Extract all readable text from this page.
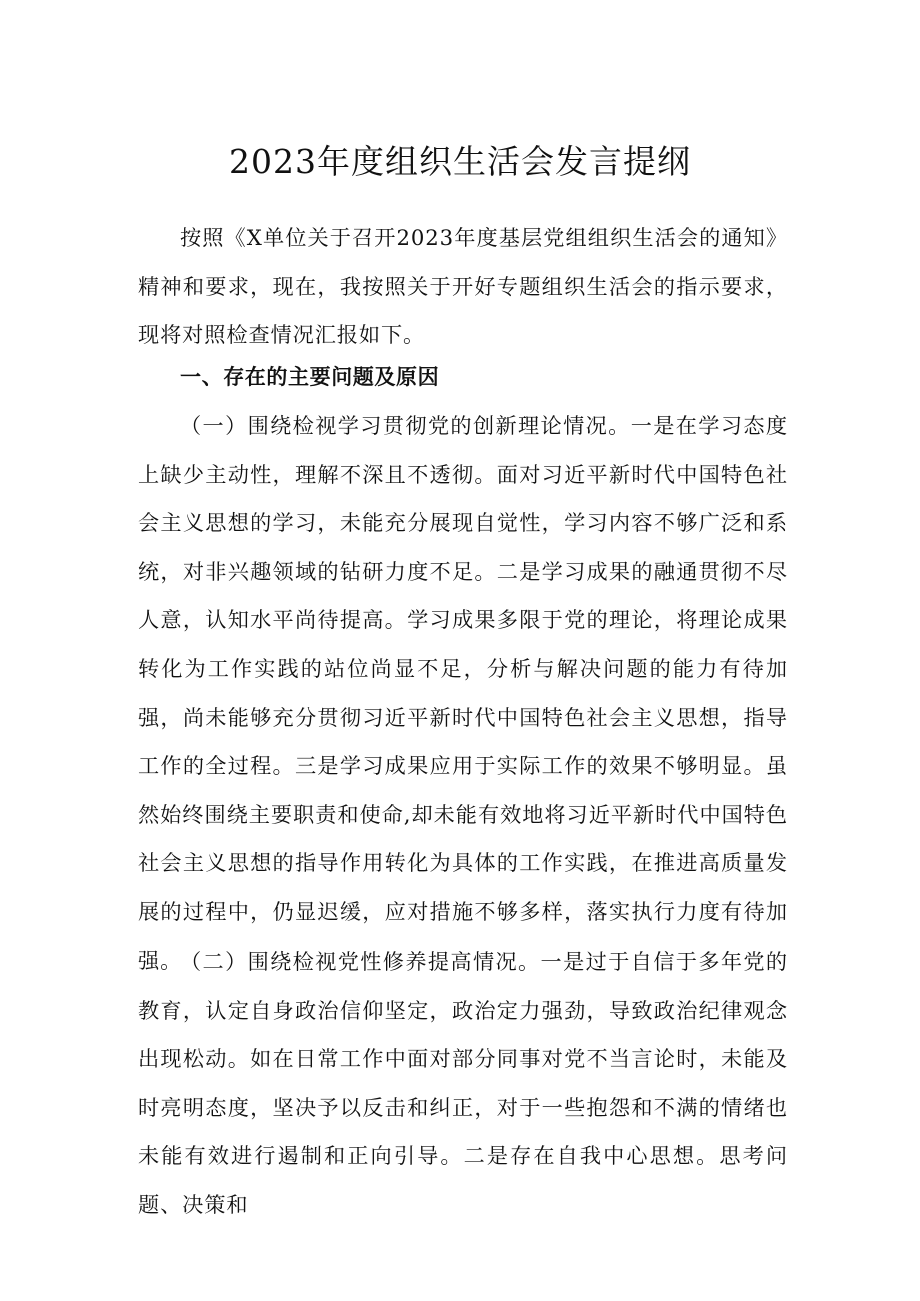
2023年度组织生活会发言提纲

按照《X单位关于召开2023年度基层党组组织生活会的通知》精神和要求，现在，我按照关于开好专题组织生活会的指示要求，现将对照检查情况汇报如下。

一、存在的主要问题及原因

（一）围绕检视学习贯彻党的创新理论情况。一是在学习态度上缺少主动性，理解不深且不透彻。面对习近平新时代中国特色社会主义思想的学习，未能充分展现自觉性，学习内容不够广泛和系统，对非兴趣领域的钻研力度不足。二是学习成果的融通贯彻不尽人意，认知水平尚待提高。学习成果多限于党的理论，将理论成果转化为工作实践的站位尚显不足，分析与解决问题的能力有待加强，尚未能够充分贯彻习近平新时代中国特色社会主义思想，指导工作的全过程。三是学习成果应用于实际工作的效果不够明显。虽然始终围绕主要职责和使命,却未能有效地将习近平新时代中国特色社会主义思想的指导作用转化为具体的工作实践，在推进高质量发展的过程中，仍显迟缓，应对措施不够多样，落实执行力度有待加强。

（二）围绕检视党性修养提高情况。一是过于自信于多年党的教育，认定自身政治信仰坚定，政治定力强劲，导致政治纪律观念出现松动。如在日常工作中面对部分同事对党不当言论时，未能及时亮明态度，坚决予以反击和纠正，对于一些抱怨和不满的情绪也未能有效进行遏制和正向引导。二是存在自我中心思想。思考问题、决策和
